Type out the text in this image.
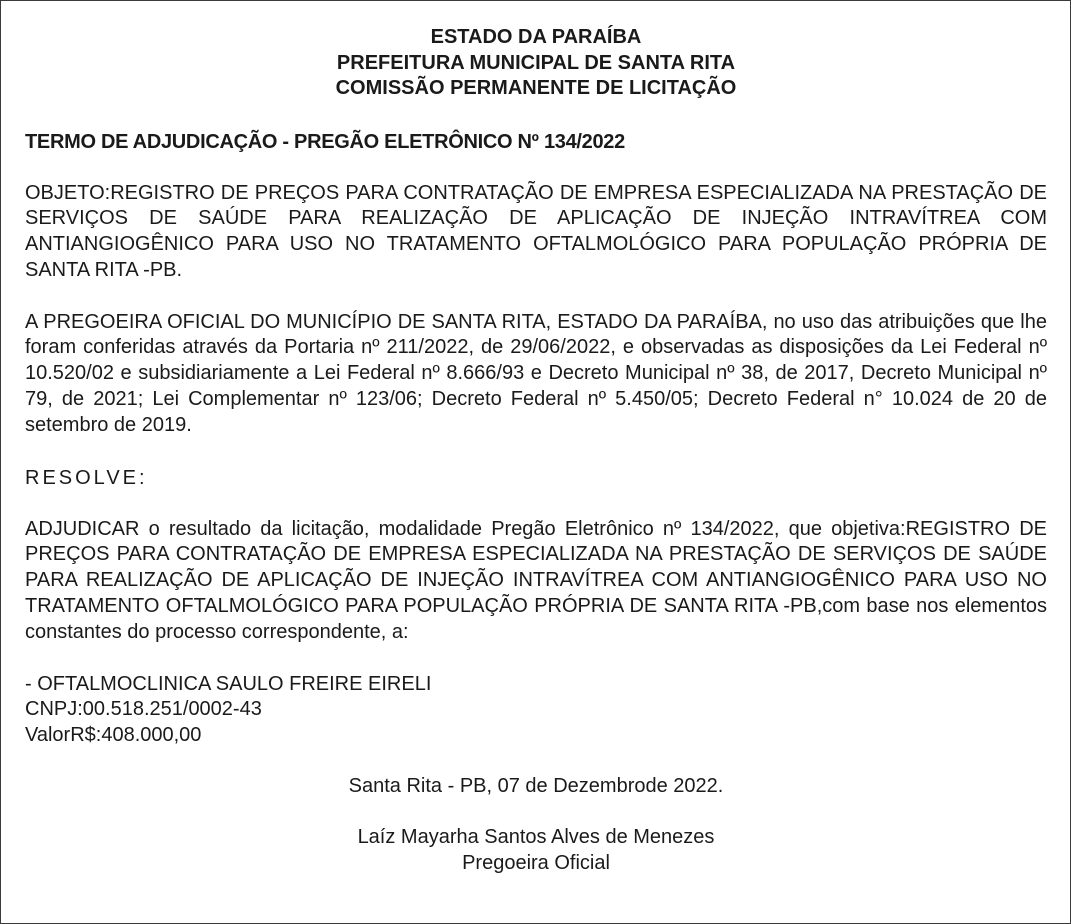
ESTADO DA PARAÍBA
PREFEITURA MUNICIPAL DE SANTA RITA
COMISSÃO PERMANENTE DE LICITAÇÃO
TERMO DE ADJUDICAÇÃO - PREGÃO ELETRÔNICO Nº 134/2022
OBJETO:REGISTRO DE PREÇOS PARA CONTRATAÇÃO DE EMPRESA ESPECIALIZADA NA PRESTAÇÃO DE SERVIÇOS DE SAÚDE PARA REALIZAÇÃO DE APLICAÇÃO DE INJEÇÃO INTRAVÍTREA COM ANTIANGIOGÊNICO PARA USO NO TRATAMENTO OFTALMOLÓGICO PARA POPULAÇÃO PRÓPRIA DE SANTA RITA -PB.
A PREGOEIRA OFICIAL DO MUNICÍPIO DE SANTA RITA, ESTADO DA PARAÍBA, no uso das atribuições que lhe foram conferidas através da Portaria nº 211/2022, de 29/06/2022, e observadas as disposições da Lei Federal nº 10.520/02 e subsidiariamente a Lei Federal nº 8.666/93 e Decreto Municipal nº 38, de 2017, Decreto Municipal nº 79, de 2021; Lei Complementar nº 123/06; Decreto Federal nº 5.450/05; Decreto Federal n° 10.024 de 20 de setembro de 2019.
RESOLVE:
ADJUDICAR o resultado da licitação, modalidade Pregão Eletrônico nº 134/2022, que objetiva:REGISTRO DE PREÇOS PARA CONTRATAÇÃO DE EMPRESA ESPECIALIZADA NA PRESTAÇÃO DE SERVIÇOS DE SAÚDE PARA REALIZAÇÃO DE APLICAÇÃO DE INJEÇÃO INTRAVÍTREA COM ANTIANGIOGÊNICO PARA USO NO TRATAMENTO OFTALMOLÓGICO PARA POPULAÇÃO PRÓPRIA DE SANTA RITA -PB,com base nos elementos constantes do processo correspondente, a:
- OFTALMOCLINICA SAULO FREIRE EIRELI
CNPJ:00.518.251/0002-43
ValorR$:408.000,00
Santa Rita - PB, 07 de Dezembrode 2022.
Laíz Mayarha Santos Alves de Menezes
Pregoeira Oficial
